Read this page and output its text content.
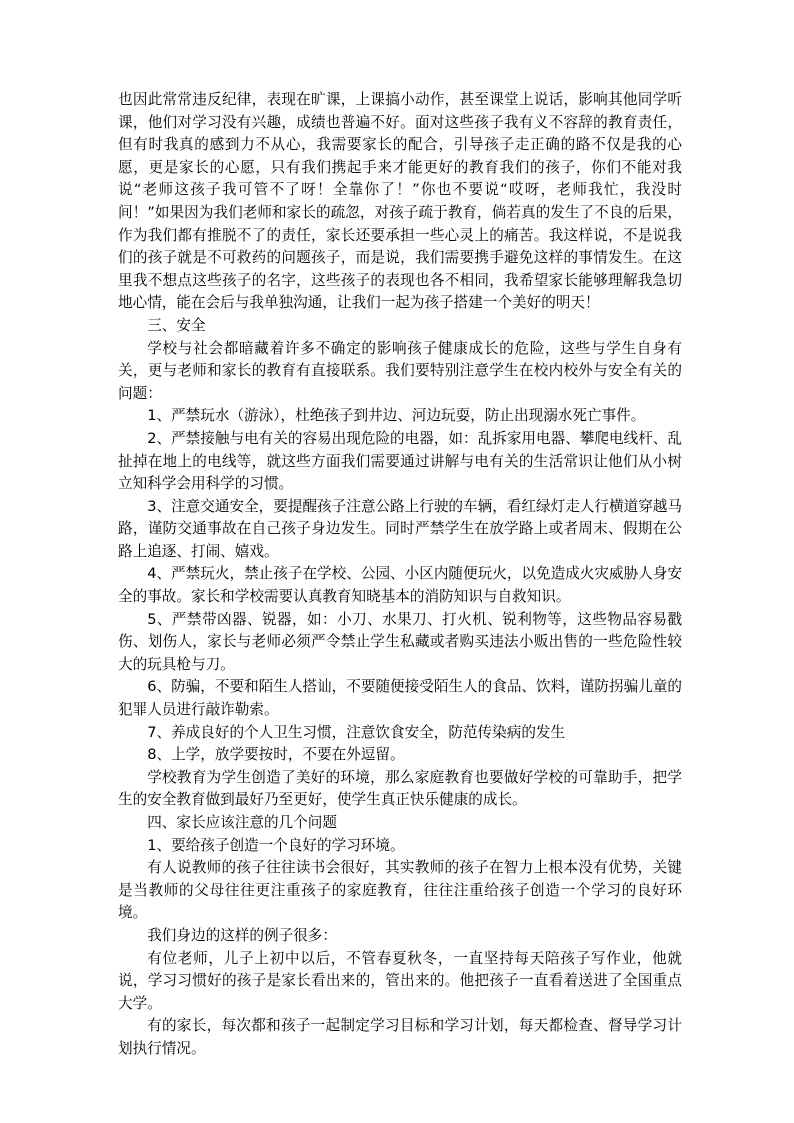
也因此常常违反纪律，表现在旷课，上课搞小动作，甚至课堂上说话，影响其他同学听课，他们对学习没有兴趣，成绩也普遍不好。面对这些孩子我有义不容辞的教育责任，但有时我真的感到力不从心，我需要家长的配合，引导孩子走正确的路不仅是我的心愿，更是家长的心愿，只有我们携起手来才能更好的教育我们的孩子，你们不能对我说“老师这孩子我可管不了呀！全靠你了！”你也不要说“哎呀，老师我忙，我没时间！”如果因为我们老师和家长的疏忽，对孩子疏于教育，倘若真的发生了不良的后果，作为我们都有推脱不了的责任，家长还要承担一些心灵上的痛苦。我这样说，不是说我们的孩子就是不可救药的问题孩子，而是说，我们需要携手避免这样的事情发生。在这里我不想点这些孩子的名字，这些孩子的表现也各不相同，我希望家长能够理解我急切地心情，能在会后与我单独沟通，让我们一起为孩子搭建一个美好的明天！

三、安全

学校与社会都暗藏着许多不确定的影响孩子健康成长的危险，这些与学生自身有关，更与老师和家长的教育有直接联系。我们要特别注意学生在校内校外与安全有关的问题：

1、严禁玩水（游泳），杜绝孩子到井边、河边玩耍，防止出现溺水死亡事件。

2、严禁接触与电有关的容易出现危险的电器，如：乱拆家用电器、攀爬电线杆、乱扯掉在地上的电线等，就这些方面我们需要通过讲解与电有关的生活常识让他们从小树立知科学会用科学的习惯。

3、注意交通安全，要提醒孩子注意公路上行驶的车辆，看红绿灯走人行横道穿越马路，谨防交通事故在自己孩子身边发生。同时严禁学生在放学路上或者周末、假期在公路上追逐、打闹、嬉戏。

4、严禁玩火，禁止孩子在学校、公园、小区内随便玩火，以免造成火灾威胁人身安全的事故。家长和学校需要认真教育知晓基本的消防知识与自救知识。

5、严禁带凶器、锐器，如：小刀、水果刀、打火机、锐利物等，这些物品容易戳伤、划伤人，家长与老师必须严令禁止学生私藏或者购买违法小贩出售的一些危险性较大的玩具枪与刀。

6、防骗，不要和陌生人搭讪，不要随便接受陌生人的食品、饮料，谨防拐骗儿童的犯罪人员进行敲诈勒索。

7、养成良好的个人卫生习惯，注意饮食安全，防范传染病的发生

8、上学，放学要按时，不要在外逗留。

学校教育为学生创造了美好的环境，那么家庭教育也要做好学校的可靠助手，把学生的安全教育做到最好乃至更好，使学生真正快乐健康的成长。

四、家长应该注意的几个问题

1、要给孩子创造一个良好的学习环境。

有人说教师的孩子往往读书会很好，其实教师的孩子在智力上根本没有优势，关键是当教师的父母往往更注重孩子的家庭教育，往往注重给孩子创造一个学习的良好环境。

我们身边的这样的例子很多：

有位老师，儿子上初中以后，不管春夏秋冬，一直坚持每天陪孩子写作业，他就说，学习习惯好的孩子是家长看出来的，管出来的。他把孩子一直看着送进了全国重点大学。

有的家长，每次都和孩子一起制定学习目标和学习计划，每天都检查、督导学习计划执行情况。
